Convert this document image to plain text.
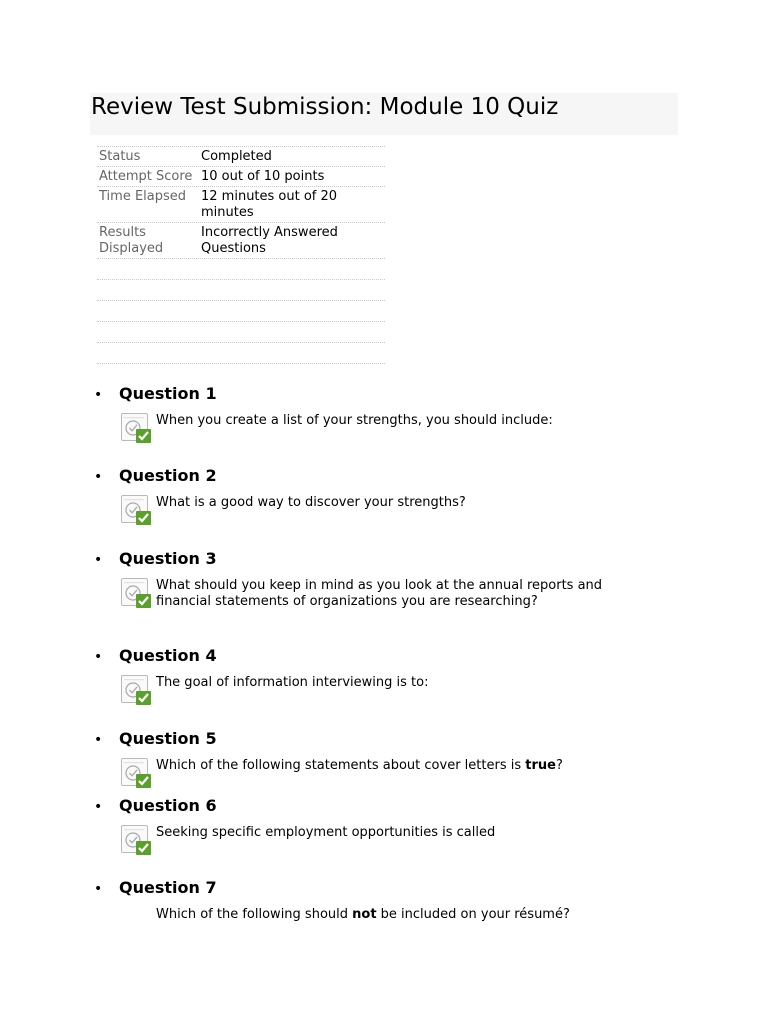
Review Test Submission: Module 10 Quiz
Status	Completed
Attempt Score 10 out of 10 points
Time Elapsed	12 minutes out of 20 minutes
Results Displayed
Incorrectly Answered Questions
• Question 1
When you create a list of your strengths, you should include:
• Question 2
What is a good way to discover your strengths?
• Question 3
What should you keep in mind as you look at the annual reports and financial statements of organizations you are researching?
• Question 4
The goal of information interviewing is to:
• Question 5
Which of the following statements about cover letters is true?
• Question 6
Seeking specific employment opportunities is called
• Question 7
Which of the following should not be included on your résumé?
